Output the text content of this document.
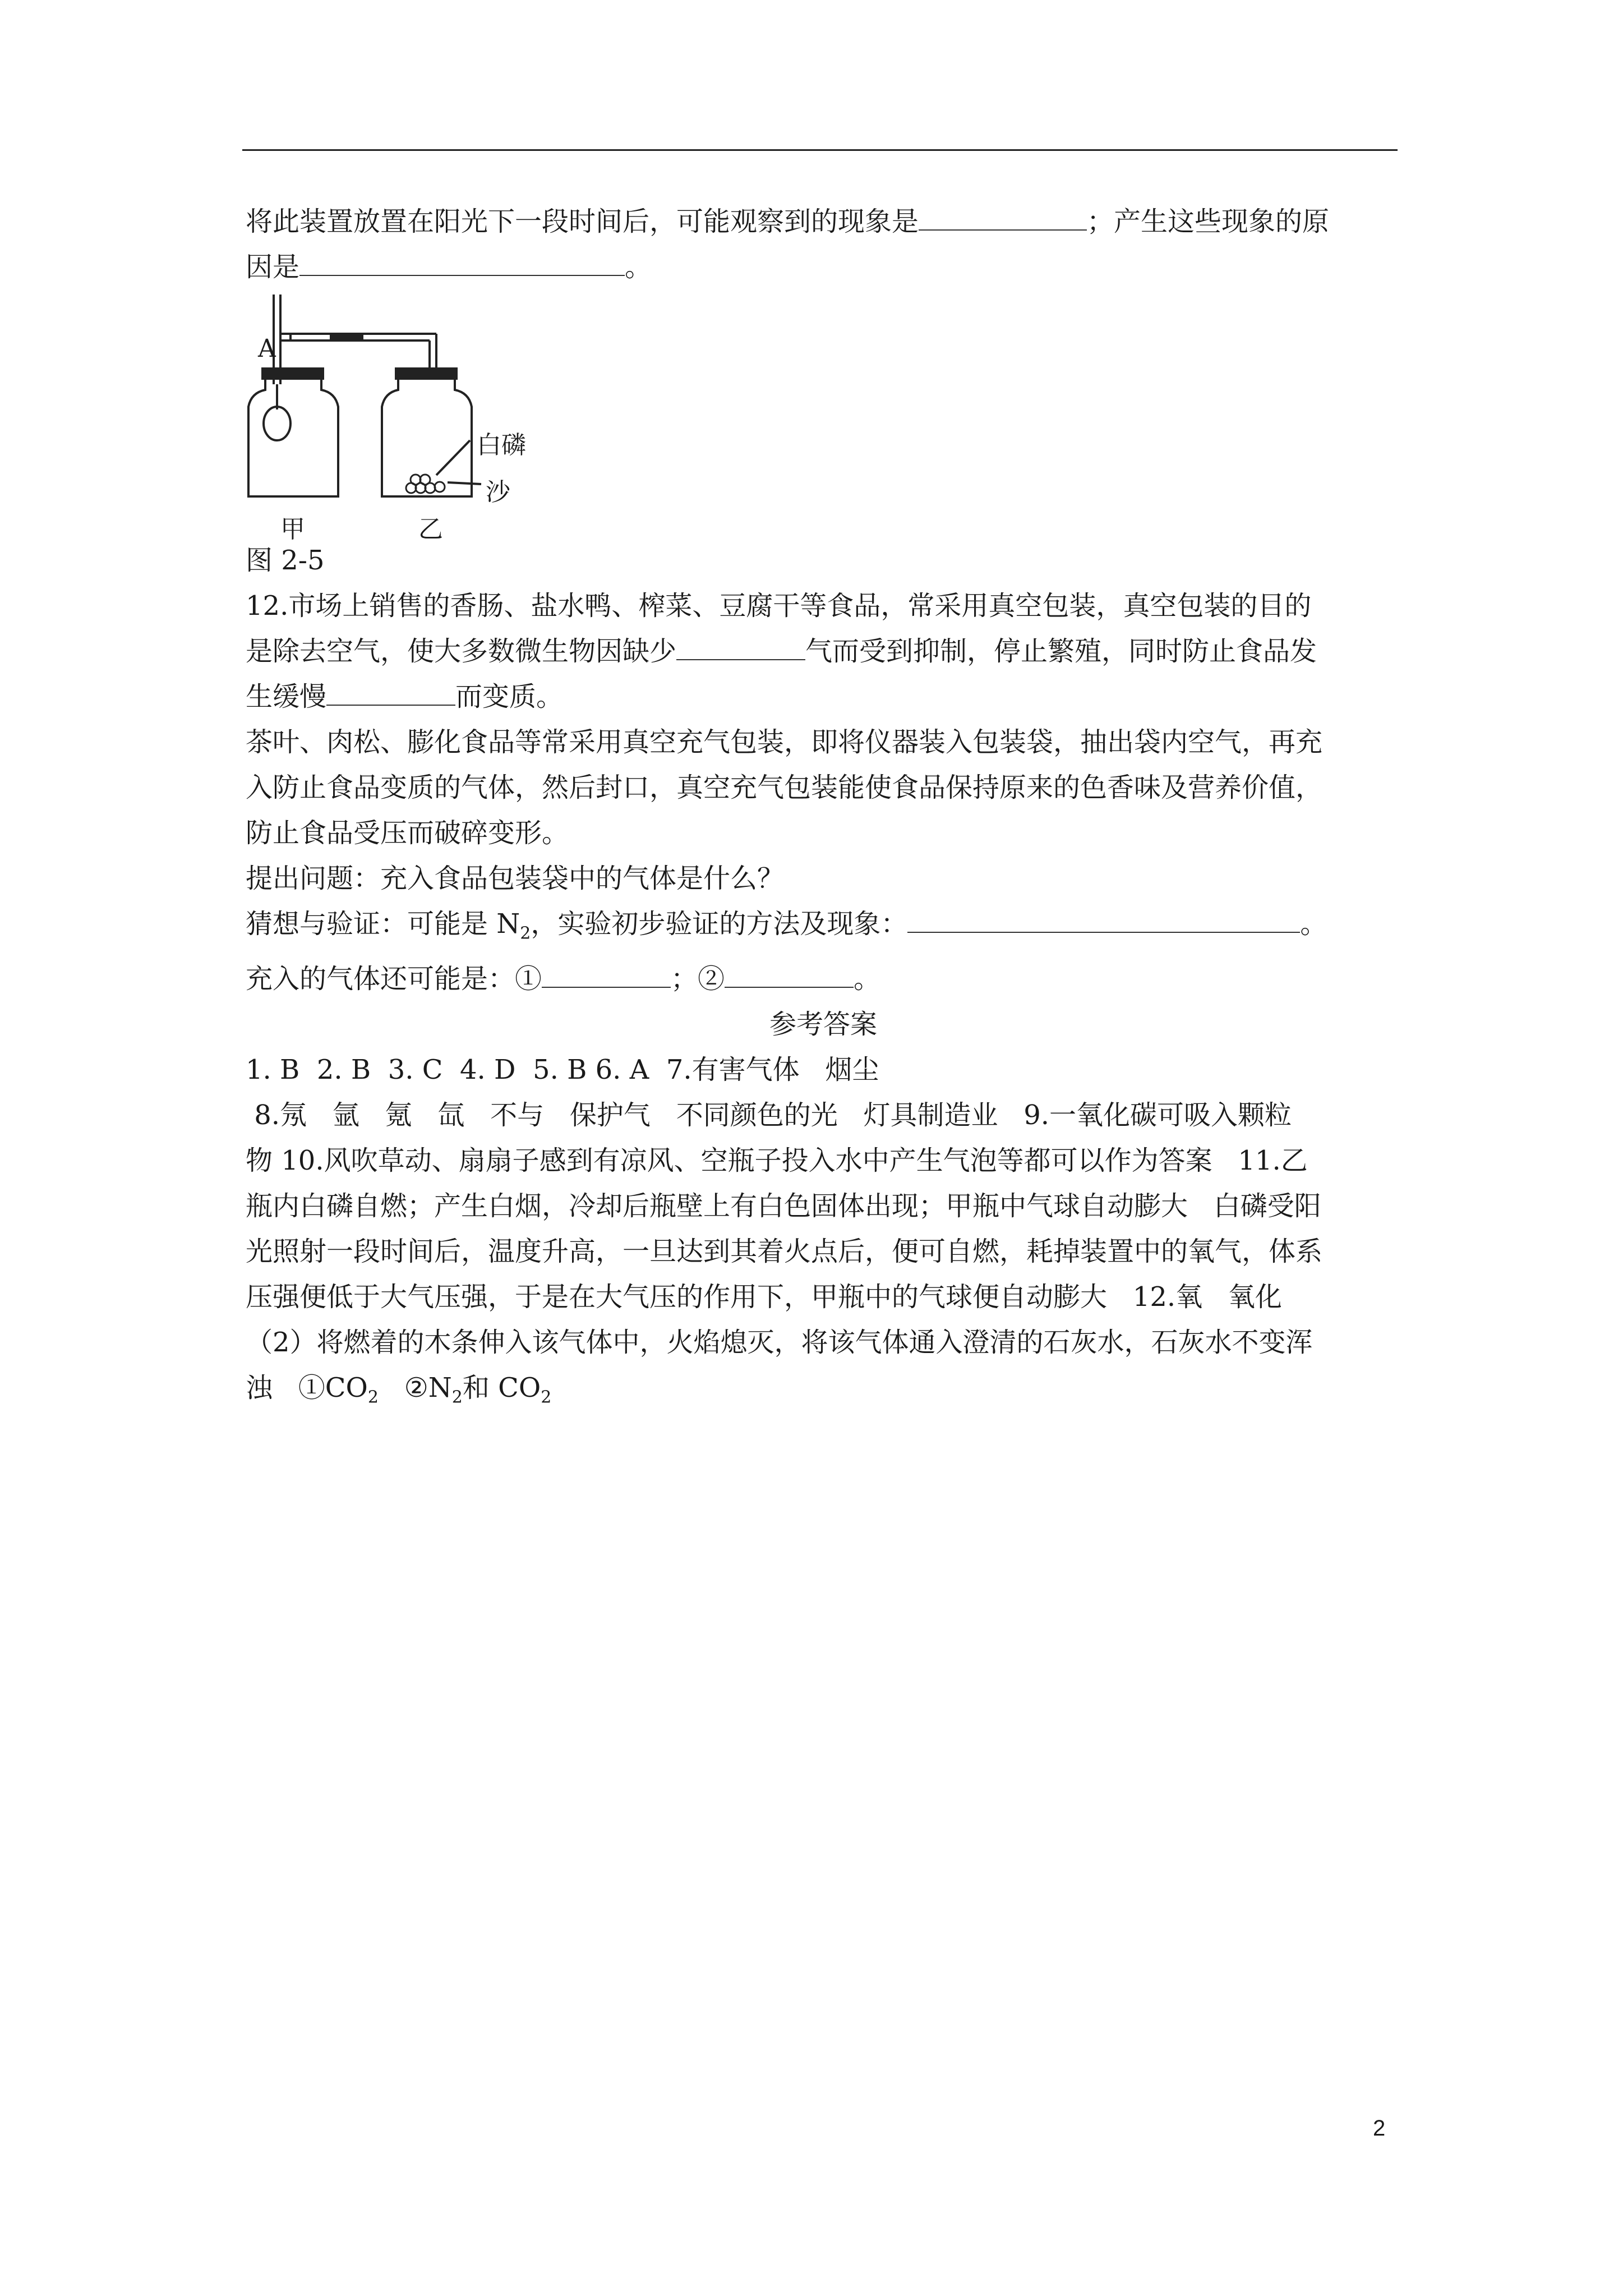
将此装置放置在阳光下一段时间后，可能观察到的现象是	；产生这些现象的原
因是	。
A
白磷
沙
甲	乙
图 2-5
12.市场上销售的香肠、盐水鸭、榨菜、豆腐干等食品，常采用真空包装，真空包装的目的
是除去空气，使大多数微生物因缺少	气而受到抑制，停止繁殖，同时防止食品发
生缓慢	而变质。
茶叶、肉松、膨化食品等常采用真空充气包装，即将仪器装入包装袋，抽出袋内空气，再充
入防止食品变质的气体，然后封口，真空充气包装能使食品保持原来的色香味及营养价值，
防止食品受压而破碎变形。
提出问题：充入食品包装袋中的气体是什么？
猜想与验证：可能是 $N_2$，实验初步验证的方法及现象：	。
充入的气体还可能是：①	；②	。
参考答案
1. B  2. B  3. C  4. D  5. B 6. A  7.有害气体   烟尘
8.氖   氩   氪   氙   不与   保护气   不同颜色的光   灯具制造业   9.一氧化碳可吸入颗粒
物 10.风吹草动、扇扇子感到有凉风、空瓶子投入水中产生气泡等都可以作为答案   11.乙
瓶内白磷自燃；产生白烟，冷却后瓶壁上有白色固体出现；甲瓶中气球自动膨大   白磷受阳
光照射一段时间后，温度升高，一旦达到其着火点后，便可自燃，耗掉装置中的氧气，体系
压强便低于大气压强，于是在大气压的作用下，甲瓶中的气球便自动膨大   12.氧   氧化
（2）将燃着的木条伸入该气体中，火焰熄灭，将该气体通入澄清的石灰水，石灰水不变浑
浊   $①CO_2$   $②N_2$和 $CO_2$
2
